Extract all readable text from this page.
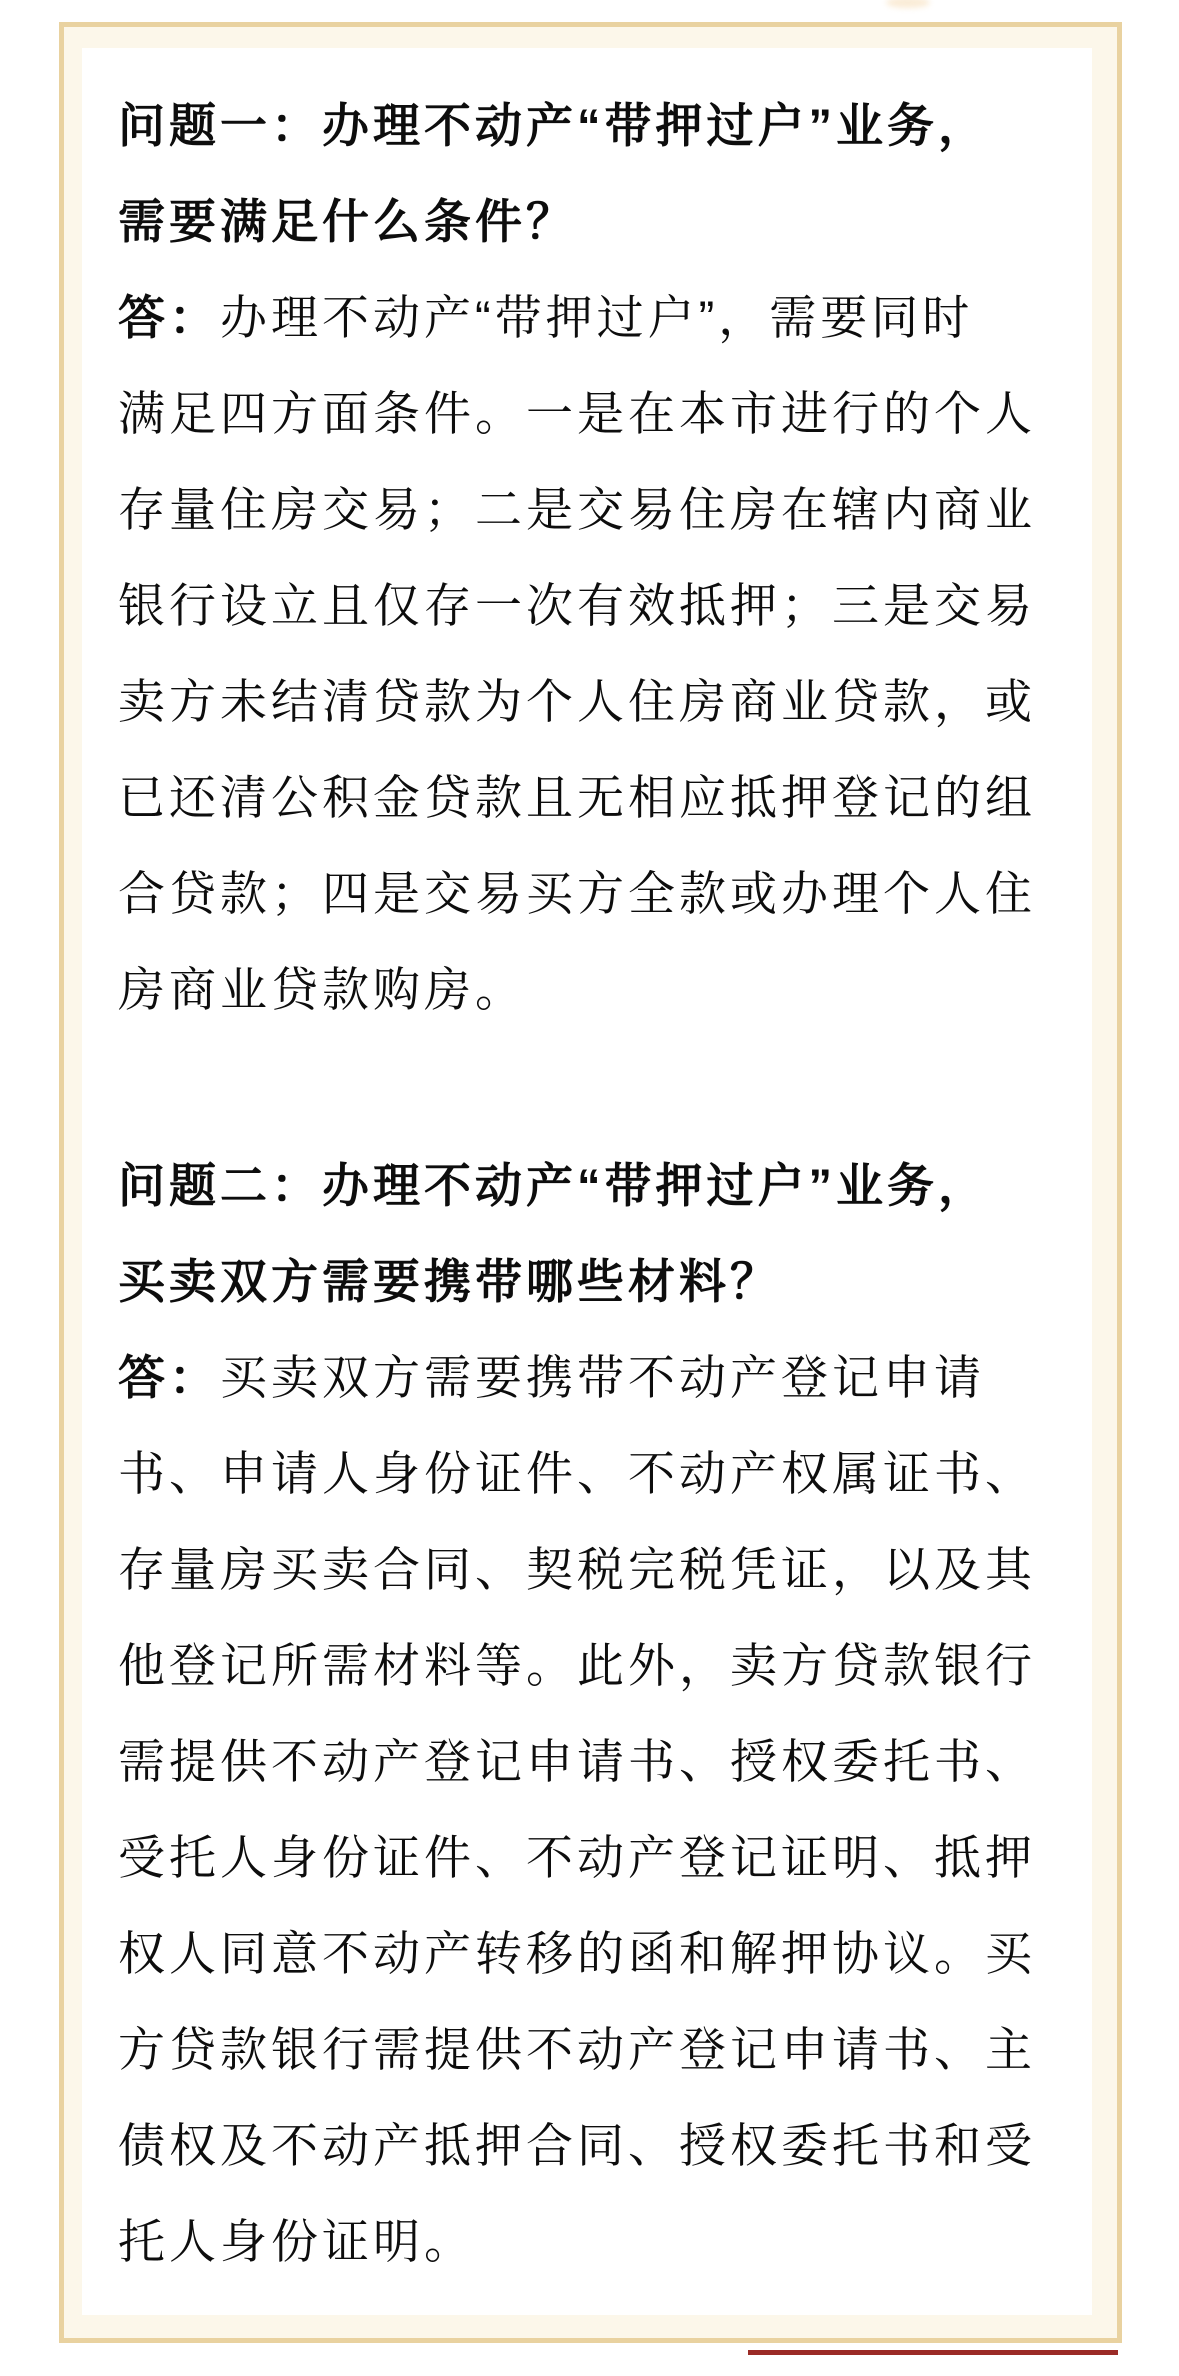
问题一：办理不动产“带押过户”业务，
需要满足什么条件？
答：办理不动产“带押过户”，需要同时
满足四方面条件。一是在本市进行的个人
存量住房交易；二是交易住房在辖内商业
银行设立且仅存一次有效抵押；三是交易
卖方未结清贷款为个人住房商业贷款，或
已还清公积金贷款且无相应抵押登记的组
合贷款；四是交易买方全款或办理个人住
房商业贷款购房。
问题二：办理不动产“带押过户”业务，
买卖双方需要携带哪些材料？
答：买卖双方需要携带不动产登记申请
书、申请人身份证件、不动产权属证书、
存量房买卖合同、契税完税凭证，以及其
他登记所需材料等。此外，卖方贷款银行
需提供不动产登记申请书、授权委托书、
受托人身份证件、不动产登记证明、抵押
权人同意不动产转移的函和解押协议。买
方贷款银行需提供不动产登记申请书、主
债权及不动产抵押合同、授权委托书和受
托人身份证明。
